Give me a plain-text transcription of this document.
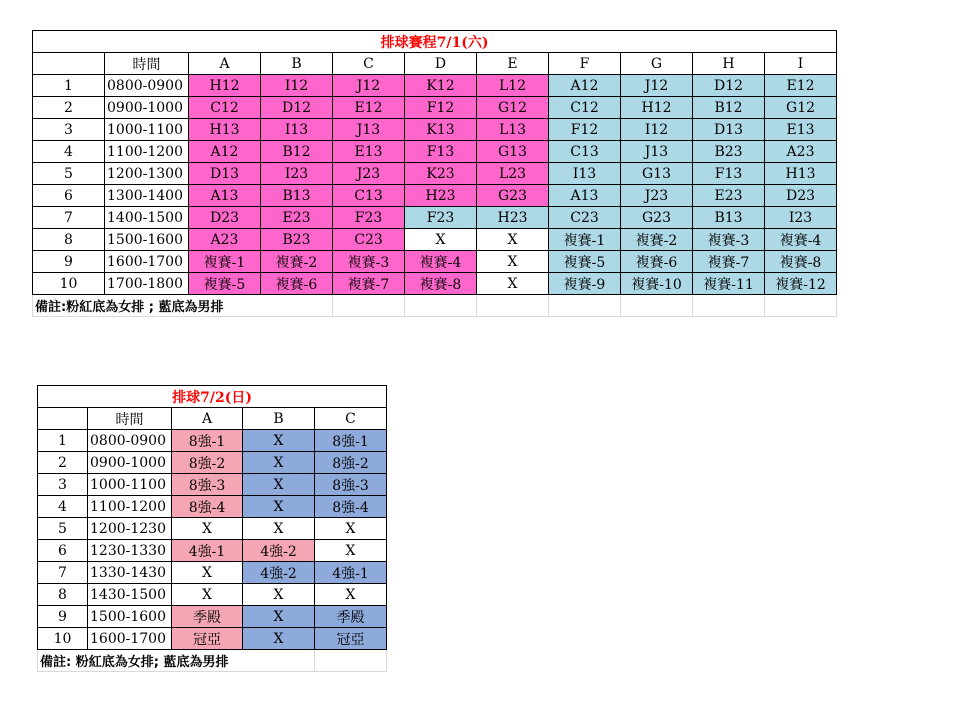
排球賽程7/1(六)										
	時間	A	B	C	D	E	F	G	H	I
1	0800-0900	H12	I12	J12	K12	L12	A12	J12	D12	E12
2	0900-1000	C12	D12	E12	F12	G12	C12	H12	B12	G12
3	1000-1100	H13	I13	J13	K13	L13	F12	I12	D13	E13
4	1100-1200	A12	B12	E13	F13	G13	C13	J13	B23	A23
5	1200-1300	D13	I23	J23	K23	L23	I13	G13	F13	H13
6	1300-1400	A13	B13	C13	H23	G23	A13	J23	E23	D23
7	1400-1500	D23	E23	F23	F23	H23	C23	G23	B13	I23
8	1500-1600	A23	B23	C23	X	X	複賽-1	複賽-2	複賽-3	複賽-4
9	1600-1700	複賽-1	複賽-2	複賽-3	複賽-4	X	複賽-5	複賽-6	複賽-7	複賽-8
10	1700-1800	複賽-5	複賽-6	複賽-7	複賽-8	X	複賽-9	複賽-10	複賽-11	複賽-12
備註:粉紅底為女排 ; 藍底為男排										
排球7/2(日)				
	時間	A	B	C
1	0800-0900	8強-1	X	8強-1
2	0900-1000	8強-2	X	8強-2
3	1000-1100	8強-3	X	8強-3
4	1100-1200	8強-4	X	8強-4
5	1200-1230	X	X	X
6	1230-1330	4強-1	4強-2	X
7	1330-1430	X	4強-2	4強-1
8	1430-1500	X	X	X
9	1500-1600	季殿	X	季殿
10	1600-1700	冠亞	X	冠亞
備註: 粉紅底為女排; 藍底為男排				
